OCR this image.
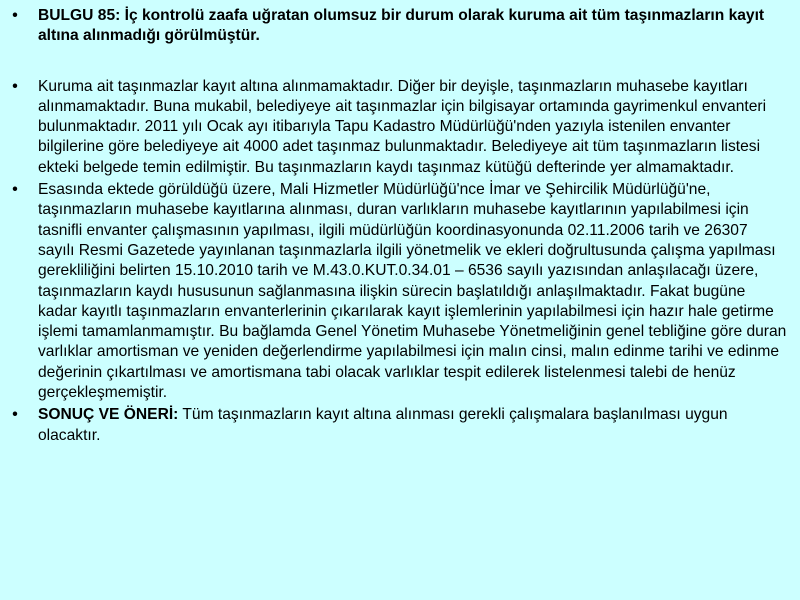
• BULGU 85: İç kontrolü zaafa uğratan olumsuz bir durum olarak kuruma ait tüm taşınmazların kayıt altına alınmadığı görülmüştür.
• Kuruma ait taşınmazlar kayıt altına alınmamaktadır. Diğer bir deyişle, taşınmazların muhasebe kayıtları alınmamaktadır. Buna mukabil, belediyeye ait taşınmazlar için bilgisayar ortamında gayrimenkul envanteri bulunmaktadır. 2011 yılı Ocak ayı itibarıyla Tapu Kadastro Müdürlüğü'nden yazıyla istenilen envanter bilgilerine göre belediyeye ait 4000 adet taşınmaz bulunmaktadır. Belediyeye ait tüm taşınmazların listesi ekteki belgede temin edilmiştir. Bu taşınmazların kaydı taşınmaz kütüğü defterinde yer almamaktadır.
• Esasında ektede görüldüğü üzere, Mali Hizmetler Müdürlüğü'nce İmar ve Şehircilik Müdürlüğü'ne, taşınmazların muhasebe kayıtlarına alınması, duran varlıkların muhasebe kayıtlarının yapılabilmesi için tasnifli envanter çalışmasının yapılması, ilgili müdürlüğün koordinasyonunda 02.11.2006 tarih ve 26307 sayılı Resmi Gazetede yayınlanan taşınmazlarla ilgili yönetmelik ve ekleri doğrultusunda çalışma yapılması gerekliliğini belirten 15.10.2010 tarih ve M.43.0.KUT.0.34.01 – 6536 sayılı yazısından anlaşılacağı üzere, taşınmazların kaydı hususunun sağlanmasına ilişkin sürecin başlatıldığı anlaşılmaktadır. Fakat bugüne kadar kayıtlı taşınmazların envanterlerinin çıkarılarak kayıt işlemlerinin yapılabilmesi için hazır hale getirme işlemi tamamlanmamıştır. Bu bağlamda Genel Yönetim Muhasebe Yönetmeliğinin genel tebliğine göre duran varlıklar amortisman ve yeniden değerlendirme yapılabilmesi için malın cinsi, malın edinme tarihi ve edinme değerinin çıkartılması ve amortismana tabi olacak varlıklar tespit edilerek listelenmesi talebi de henüz gerçekleşmemiştir.
• SONUÇ VE ÖNERİ: Tüm taşınmazların kayıt altına alınması gerekli çalışmalara başlanılması uygun olacaktır.
